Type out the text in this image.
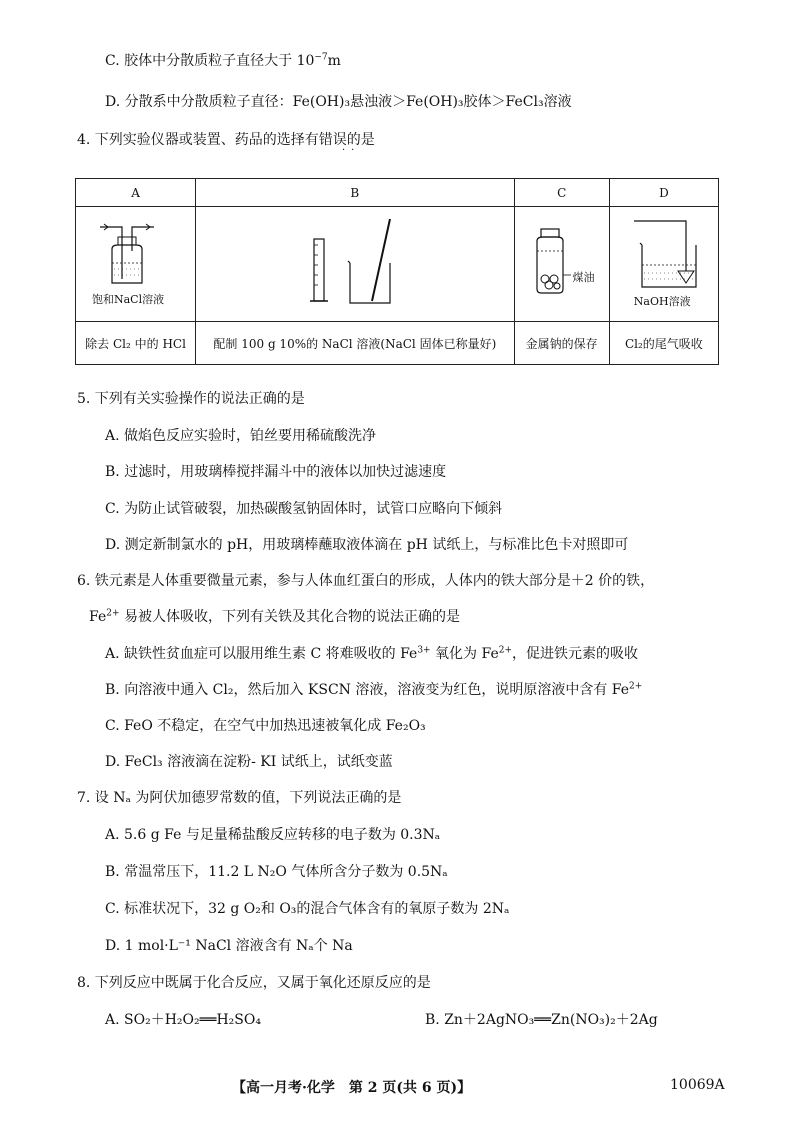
C. 胶体中分散质粒子直径大于 $10^{-7}m$
D. 分散系中分散质粒子直径：Fe(OH)₃悬浊液＞Fe(OH)₃胶体＞FeCl₃溶液
4. 下列实验仪器或装置、药品的选择有错误的是
··
A	B	C	D

饱和NaCl溶液		煤油	NaOH溶液

除去 Cl₂ 中的 HCl	配制 100 g 10%的 NaCl 溶液(NaCl 固体已称量好)	金属钠的保存	Cl₂的尾气吸收
5. 下列有关实验操作的说法正确的是
A. 做焰色反应实验时，铂丝要用稀硫酸洗净
B. 过滤时，用玻璃棒搅拌漏斗中的液体以加快过滤速度
C. 为防止试管破裂，加热碳酸氢钠固体时，试管口应略向下倾斜
D. 测定新制氯水的 pH，用玻璃棒蘸取液体滴在 pH 试纸上，与标准比色卡对照即可
6. 铁元素是人体重要微量元素，参与人体血红蛋白的形成，人体内的铁大部分是＋2 价的铁，
$Fe^{2+}$ 易被人体吸收，下列有关铁及其化合物的说法正确的是
A. 缺铁性贫血症可以服用维生素 C 将难吸收的 $Fe^{3+}$ 氧化为 $Fe^{2+}$，促进铁元素的吸收
B. 向溶液中通入 Cl₂，然后加入 KSCN 溶液，溶液变为红色，说明原溶液中含有 $Fe^{2+}$
C. FeO 不稳定，在空气中加热迅速被氧化成 Fe₂O₃
D. FeCl₃ 溶液滴在淀粉- KI 试纸上，试纸变蓝
7. 设 Nₐ 为阿伏加德罗常数的值，下列说法正确的是
A. 5.6 g Fe 与足量稀盐酸反应转移的电子数为 0.3Nₐ
B. 常温常压下，11.2 L N₂O 气体所含分子数为 0.5Nₐ
C. 标准状况下，32 g O₂和 O₃的混合气体含有的氧原子数为 2Nₐ
D. 1 mol·L⁻¹ NaCl 溶液含有 Nₐ个 Na
8. 下列反应中既属于化合反应，又属于氧化还原反应的是
A. SO₂＋H₂O₂══H₂SO₄	B. Zn＋2AgNO₃══Zn(NO₃)₂＋2Ag
【高一月考·化学　第 2 页(共 6 页)】	10069A
